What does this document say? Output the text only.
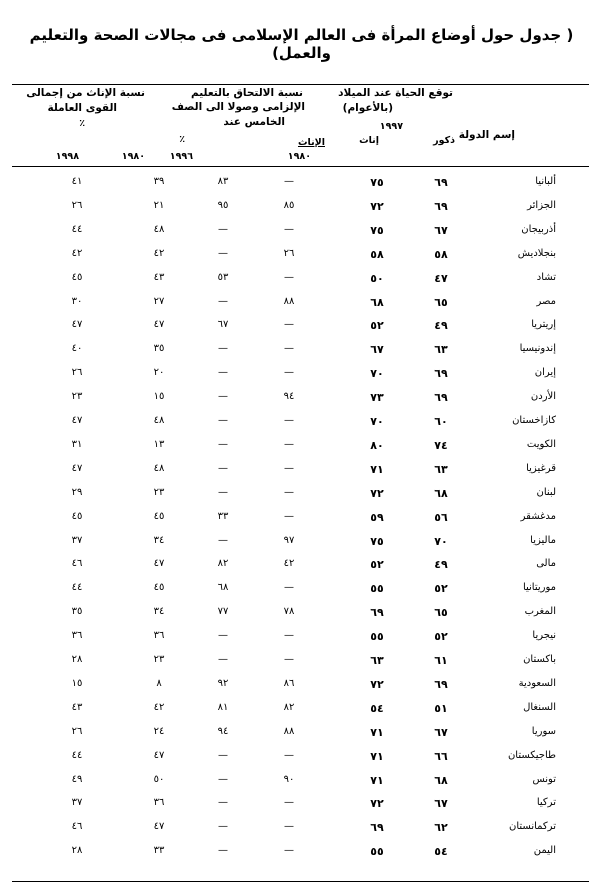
( جدول حول أوضاع المرأة فى العالم الإسلامى فى مجالات الصحة والتعليم والعمل)
إسم الدولة
توقع الحياة عند الميلاد
(بالأعوام)
١٩٩٧
ذكور
إناث
نسبة الالتحاق بالتعليم
الإلزامى وصولا الى الصف
الخامس عند
٪	الإناث
١٩٨٠
١٩٩٦
نسبة الإناث من إجمالى
القوى العاملة
٪
١٩٨٠
١٩٩٨
ألبانيا
٦٩
٧٥
—
٨٣
٣٩
٤١
الجزائر
٦٩
٧٢
٨٥
٩٥
٢١
٢٦
أذربيجان
٦٧
٧٥
—
—
٤٨
٤٤
بنجلاديش
٥٨
٥٨
٢٦
—
٤٢
٤٢
تشاد
٤٧
٥٠
—
٥٣
٤٣
٤٥
مصر
٦٥
٦٨
٨٨
—
٢٧
٣٠
إريتريا
٤٩
٥٢
—
٦٧
٤٧
٤٧
إندونيسيا
٦٣
٦٧
—
—
٣٥
٤٠
إيران
٦٩
٧٠
—
—
٢٠
٢٦
الأردن
٦٩
٧٣
٩٤
—
١٥
٢٣
كازاخستان
٦٠
٧٠
—
—
٤٨
٤٧
الكويت
٧٤
٨٠
—
—
١٣
٣١
قرغيزيا
٦٣
٧١
—
—
٤٨
٤٧
لبنان
٦٨
٧٢
—
—
٢٣
٢٩
مدغشقر
٥٦
٥٩
—
٣٣
٤٥
٤٥
ماليزيا
٧٠
٧٥
٩٧
—
٣٤
٣٧
مالى
٤٩
٥٢
٤٢
٨٢
٤٧
٤٦
موريتانيا
٥٢
٥٥
—
٦٨
٤٥
٤٤
المغرب
٦٥
٦٩
٧٨
٧٧
٣٤
٣٥
نيجريا
٥٢
٥٥
—
—
٣٦
٣٦
باكستان
٦١
٦٣
—
—
٢٣
٢٨
السعودية
٦٩
٧٢
٨٦
٩٢
٨
١٥
السنغال
٥١
٥٤
٨٢
٨١
٤٢
٤٣
سوريا
٦٧
٧١
٨٨
٩٤
٢٤
٢٦
طاجيكستان
٦٦
٧١
—
—
٤٧
٤٤
تونس
٦٨
٧١
٩٠
—
٥٠
٤٩
تركيا
٦٧
٧٢
—
—
٣٦
٣٧
تركمانستان
٦٢
٦٩
—
—
٤٧
٤٦
اليمن
٥٤
٥٥
—
—
٣٣
٢٨
